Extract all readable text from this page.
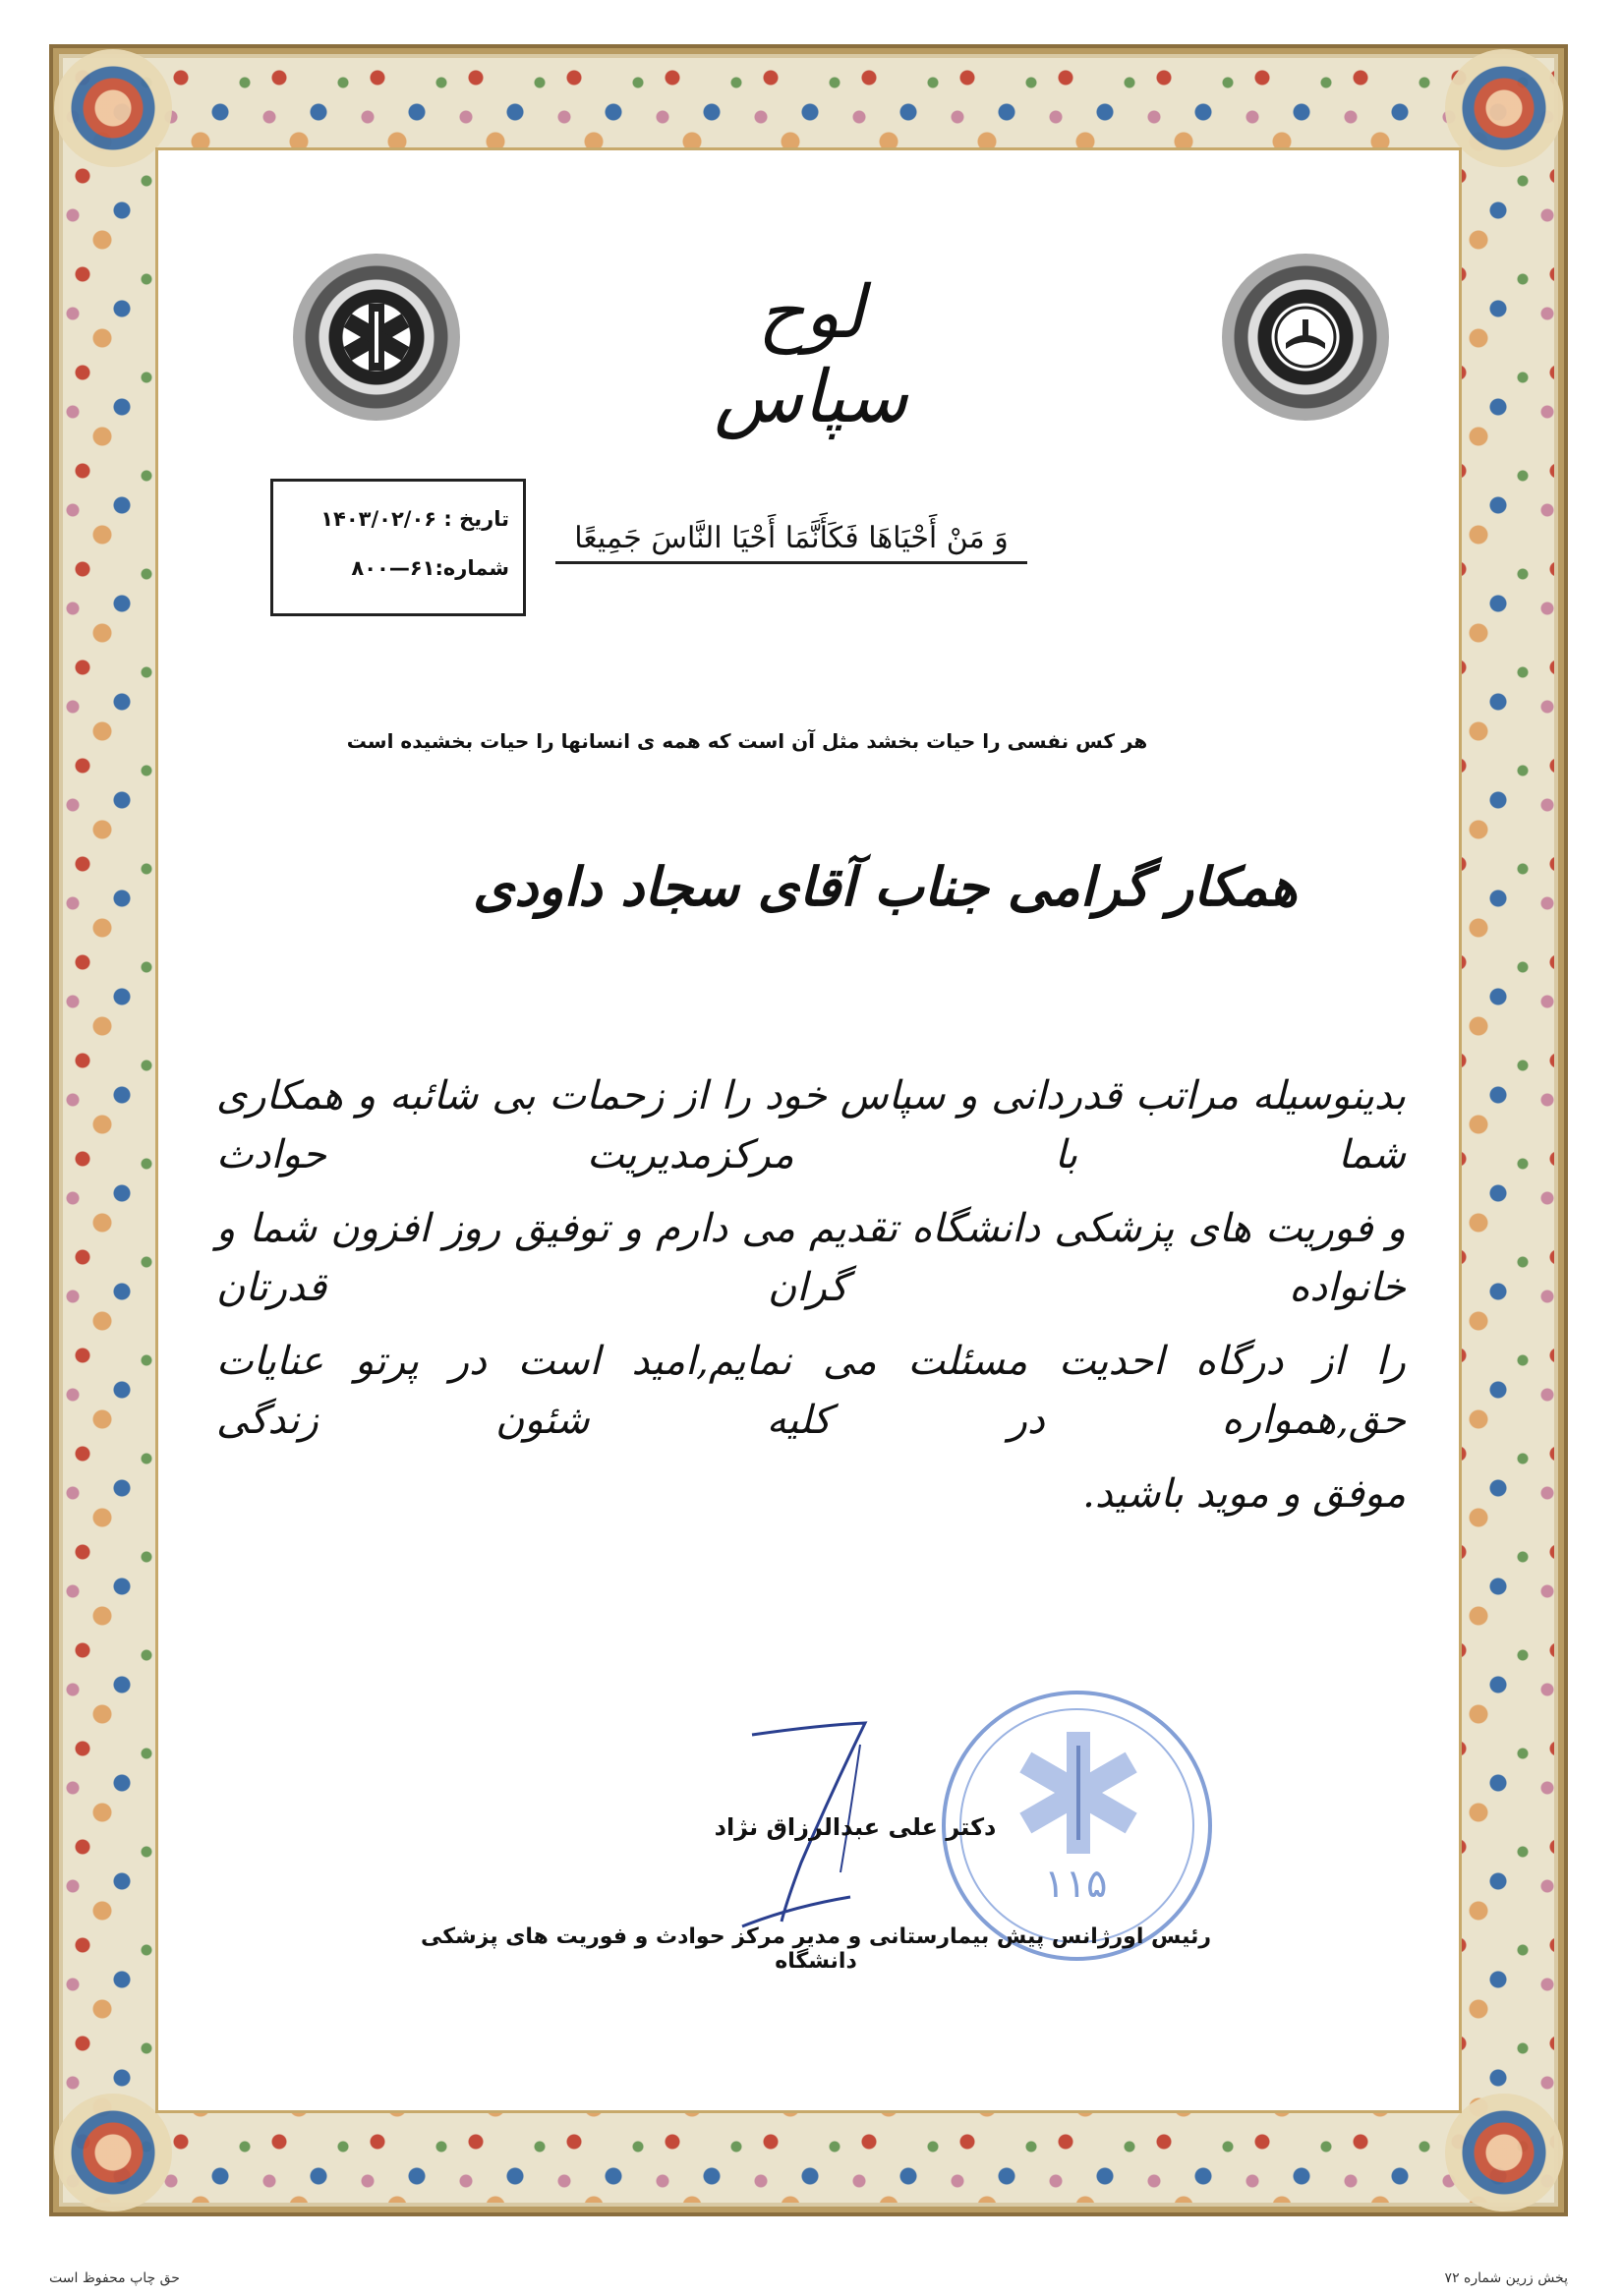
لوح سپاس
تاریخ : ۱۴۰۳/۰۲/۰۶
شماره:۶۱—۸۰۰
وَ مَنْ أَحْيَاهَا فَكَأَنَّمَا أَحْيَا النَّاسَ جَمِيعًا
هر کس نفسی را حیات بخشد مثل آن است که همه ی انسانها را حیات بخشیده است
همکار گرامی جناب آقای سجاد داودی
بدینوسیله مراتب قدردانی و سپاس خود را از زحمات بی شائبه و همکاری شما با مرکزمدیریت حوادث
و فوریت های پزشکی دانشگاه تقدیم می دارم و توفیق روز افزون شما و خانواده گران قدرتان
را از درگاه احدیت مسئلت می نمایم,امید است در پرتو عنایات حق,همواره در کلیه شئون زندگی
موفق و موید باشید.
۱۱۵
دکتر علی عبدالرزاق نژاد
رئیس اورژانس پیش بیمارستانی و مدیر مرکز حوادث و فوریت های پزشکی دانشگاه
حق چاپ محفوظ است	پخش زرین شماره ۷۲
